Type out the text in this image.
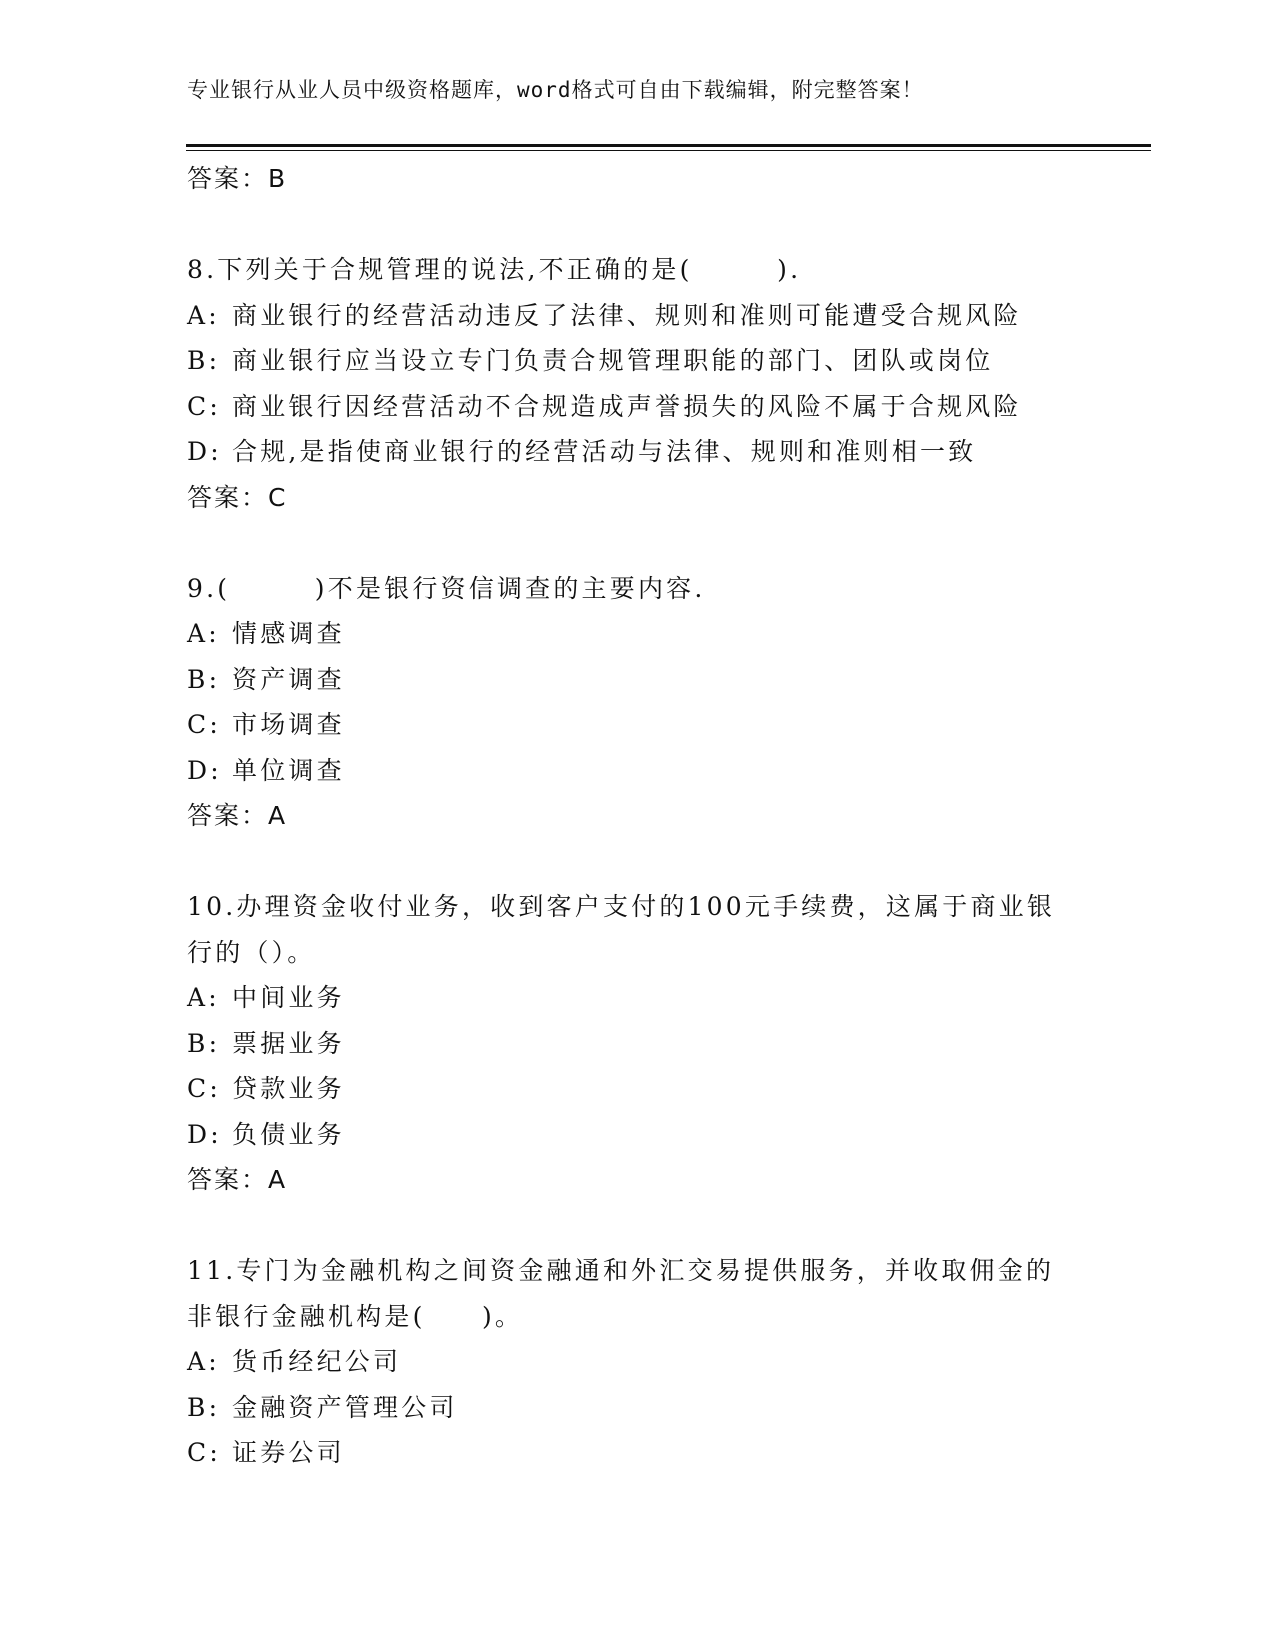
专业银行从业人员中级资格题库，word格式可自由下载编辑，附完整答案！
答案：B
8.下列关于合规管理的说法,不正确的是(　　　).
A: 商业银行的经营活动违反了法律、规则和准则可能遭受合规风险
B: 商业银行应当设立专门负责合规管理职能的部门、团队或岗位
C: 商业银行因经营活动不合规造成声誉损失的风险不属于合规风险
D: 合规,是指使商业银行的经营活动与法律、规则和准则相一致
答案：C
9.(　　　)不是银行资信调查的主要内容.
A: 情感调查
B: 资产调查
C: 市场调查
D: 单位调查
答案：A
10.办理资金收付业务，收到客户支付的100元手续费，这属于商业银
行的（）。
A: 中间业务
B: 票据业务
C: 贷款业务
D: 负债业务
答案：A
11.专门为金融机构之间资金融通和外汇交易提供服务，并收取佣金的
非银行金融机构是(　　)。
A: 货币经纪公司
B: 金融资产管理公司
C: 证券公司
